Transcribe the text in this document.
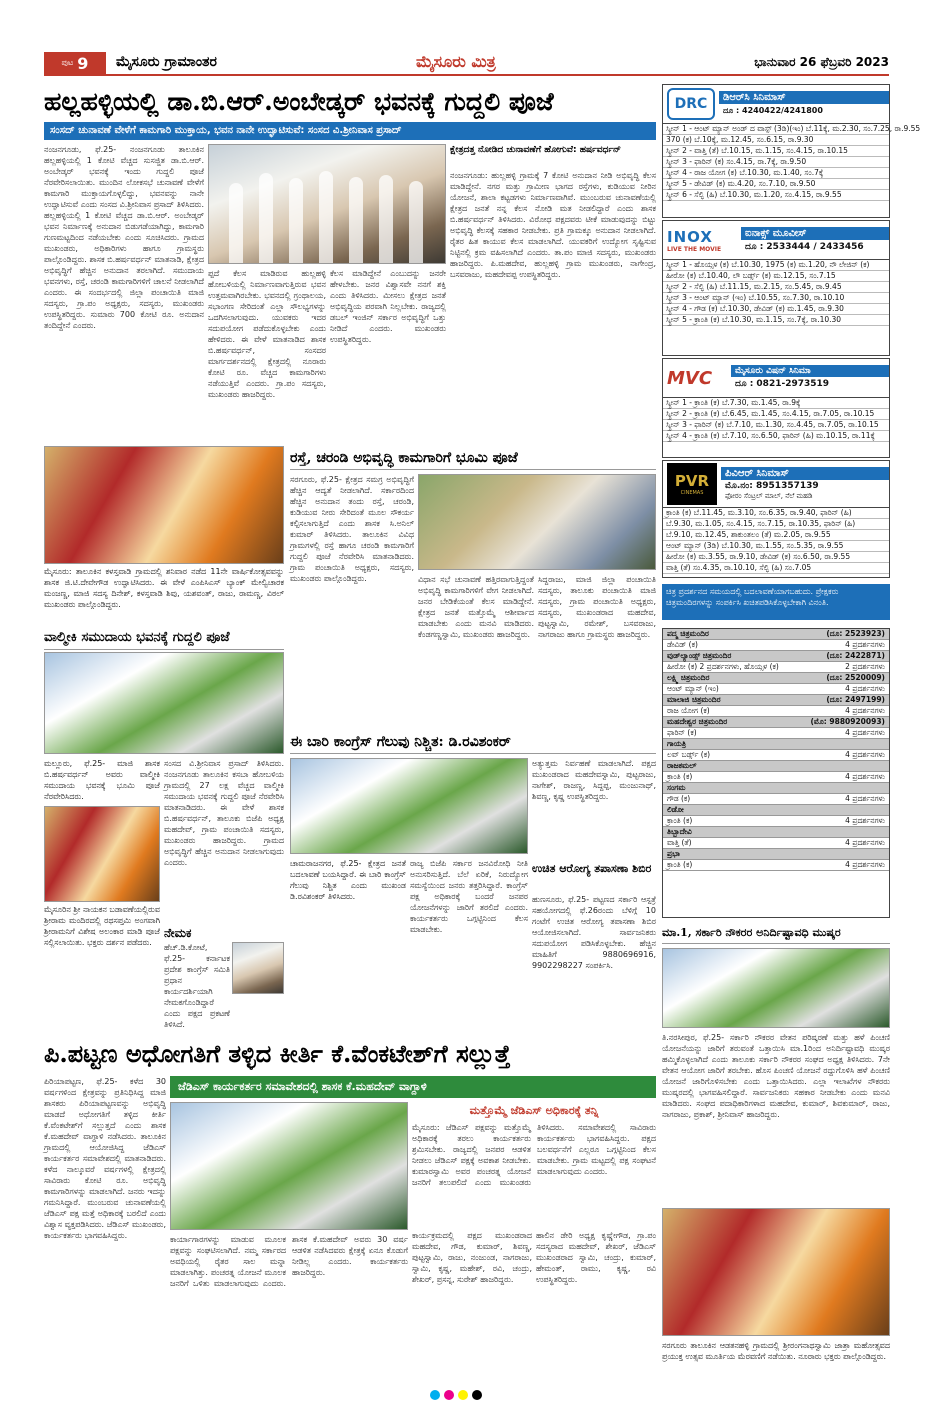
ಪುಟ 9 ಮೈಸೂರು ಗ್ರಾಮಾಂತರ	ಮೈಸೂರು ಮಿತ್ರ	ಭಾನುವಾರ 26 ಫೆಬ್ರವರಿ 2023
ಹಲ್ಲಹಳ್ಳಿಯಲ್ಲಿ ಡಾ.ಬಿ.ಆರ್.ಅಂಬೇಡ್ಕರ್ ಭವನಕ್ಕೆ ಗುದ್ದಲಿ ಪೂಜೆ
ಸಂಸದ್ ಚುನಾವಣೆ ವೇಳೆಗೆ ಕಾಮಗಾರಿ ಮುಕ್ತಾಯ, ಭವನ ನಾನೇ ಉದ್ಘಾಟಿಸುವೆ: ಸಂಸದ ವಿ.ಶ್ರೀನಿವಾಸ ಪ್ರಸಾದ್
ನಂಜನಗೂಡು, ಫೆ.25- ನಂಜನಗೂಡು ತಾಲೂಕಿನ ಹಲ್ಲಹಳ್ಳಿಯಲ್ಲಿ 1 ಕೋಟಿ ವೆಚ್ಚದ ಸುಸಜ್ಜಿತ ಡಾ.ಬಿ.ಆರ್. ಅಂಬೇಡ್ಕರ್ ಭವನಕ್ಕೆ ಇಂದು ಗುದ್ದಲಿ ಪೂಜೆ ನೆರವೇರಿಸಲಾಯಿತು. ಮುಂದಿನ ಲೋಕಸಭೆ ಚುನಾವಣೆ ವೇಳೆಗೆ ಕಾಮಗಾರಿ ಮುಕ್ತಾಯಗೊಳ್ಳಲಿದ್ದು, ಭವನವನ್ನು ನಾನೇ ಉದ್ಘಾಟಿಸುವೆ ಎಂದು ಸಂಸದ ವಿ.ಶ್ರೀನಿವಾಸ ಪ್ರಸಾದ್ ತಿಳಿಸಿದರು. ಹಲ್ಲಹಳ್ಳಿಯಲ್ಲಿ 1 ಕೋಟಿ ವೆಚ್ಚದ ಡಾ.ಬಿ.ಆರ್. ಅಂಬೇಡ್ಕರ್ ಭವನ ನಿರ್ಮಾಣಕ್ಕೆ ಅನುದಾನ ಬಿಡುಗಡೆಯಾಗಿದ್ದು, ಕಾಮಗಾರಿ ಗುಣಮಟ್ಟದಿಂದ ನಡೆಯಬೇಕು ಎಂದು ಸೂಚಿಸಿದರು. ಗ್ರಾಮದ ಮುಖಂಡರು, ಅಧಿಕಾರಿಗಳು ಹಾಗೂ ಗ್ರಾಮಸ್ಥರು ಪಾಲ್ಗೊಂಡಿದ್ದರು. ಶಾಸಕ ಬಿ.ಹರ್ಷವರ್ಧನ್ ಮಾತನಾಡಿ, ಕ್ಷೇತ್ರದ ಅಭಿವೃದ್ಧಿಗೆ ಹೆಚ್ಚಿನ ಅನುದಾನ ತರಲಾಗಿದೆ. ಸಮುದಾಯ ಭವನಗಳು, ರಸ್ತೆ, ಚರಂಡಿ ಕಾಮಗಾರಿಗಳಿಗೆ ಚಾಲನೆ ನೀಡಲಾಗಿದೆ ಎಂದರು. ಈ ಸಂದರ್ಭದಲ್ಲಿ ಜಿಲ್ಲಾ ಪಂಚಾಯಿತಿ ಮಾಜಿ ಸದಸ್ಯರು, ಗ್ರಾ.ಪಂ ಅಧ್ಯಕ್ಷರು, ಸದಸ್ಯರು, ಮುಖಂಡರು ಉಪಸ್ಥಿತರಿದ್ದರು. ಸುಮಾರು 700 ಕೋಟಿ ರೂ. ಅನುದಾನ ತಂದಿದ್ದೇನೆ ಎಂದರು.
ಪ್ಪದೆ ಕೆಲಸ ಮಾಡಿರುವ ಹುಲ್ಲಹಳ್ಳಿ ಹೋಬಳಿಯಲ್ಲಿ ನಿರ್ಮಾಣವಾಗುತ್ತಿರುವ ಭವನ ಉತ್ತಮವಾಗಿರಬೇಕು. ಭವನದಲ್ಲಿ ಗ್ರಂಥಾಲಯ, ಸಭಾಂಗಣ ಸೇರಿದಂತೆ ಎಲ್ಲಾ ಸೌಲಭ್ಯಗಳನ್ನು ಒದಗಿಸಲಾಗುವುದು. ಯುವಕರು ಇದರ ಸದುಪಯೋಗ ಪಡೆದುಕೊಳ್ಳಬೇಕು ಎಂದು ಹೇಳಿದರು. ಈ ವೇಳೆ ಮಾತನಾಡಿದ ಶಾಸಕ ಬಿ.ಹರ್ಷವರ್ಧನ್, ಸಂಸದರ ಮಾರ್ಗದರ್ಶನದಲ್ಲಿ ಕ್ಷೇತ್ರದಲ್ಲಿ ನೂರಾರು ಕೋಟಿ ರೂ. ವೆಚ್ಚದ ಕಾಮಗಾರಿಗಳು ನಡೆಯುತ್ತಿವೆ ಎಂದರು. ಗ್ರಾ.ಪಂ ಸದಸ್ಯರು, ಮುಖಂಡರು ಹಾಜರಿದ್ದರು.
ಕೆಲಸ ಮಾಡಿದ್ದೇನೆ ಎಂಬುದನ್ನು ಜನರೇ ಹೇಳಬೇಕು. ಜನರ ವಿಶ್ವಾಸವೇ ನನಗೆ ಶಕ್ತಿ ಎಂದು ತಿಳಿಸಿದರು. ಮೀಸಲು ಕ್ಷೇತ್ರದ ಜನತೆ ಅಭಿವೃದ್ಧಿಯ ಪರವಾಗಿ ನಿಲ್ಲಬೇಕು. ರಾಜ್ಯದಲ್ಲಿ ಡಬಲ್ ಇಂಜಿನ್ ಸರ್ಕಾರ ಅಭಿವೃದ್ಧಿಗೆ ಒತ್ತು ನೀಡಿದೆ ಎಂದರು. ಮುಖಂಡರು ಉಪಸ್ಥಿತರಿದ್ದರು.
ಕ್ಷೇತ್ರದತ್ತ ನೋಡಿದ ಚುನಾವಣೆಗೆ ಹೋಗುವೆ: ಹರ್ಷವರ್ಧನ್
ನಂಜನಗೂಡು: ಹುಲ್ಲಹಳ್ಳಿ ಗ್ರಾಮಕ್ಕೆ 7 ಕೋಟಿ ಅನುದಾನ ನೀಡಿ ಅಭಿವೃದ್ಧಿ ಕೆಲಸ ಮಾಡಿದ್ದೇನೆ. ನಗರ ಮತ್ತು ಗ್ರಾಮೀಣ ಭಾಗದ ರಸ್ತೆಗಳು, ಕುಡಿಯುವ ನೀರಿನ ಯೋಜನೆ, ಶಾಲಾ ಕಟ್ಟಡಗಳು ನಿರ್ಮಾಣವಾಗಿವೆ. ಮುಂಬರುವ ಚುನಾವಣೆಯಲ್ಲಿ ಕ್ಷೇತ್ರದ ಜನತೆ ನನ್ನ ಕೆಲಸ ನೋಡಿ ಮತ ನೀಡಲಿದ್ದಾರೆ ಎಂದು ಶಾಸಕ ಬಿ.ಹರ್ಷವರ್ಧನ್ ತಿಳಿಸಿದರು. ವಿರೋಧ ಪಕ್ಷದವರು ಟೀಕೆ ಮಾಡುವುದನ್ನು ಬಿಟ್ಟು ಅಭಿವೃದ್ಧಿ ಕೆಲಸಕ್ಕೆ ಸಹಕಾರ ನೀಡಬೇಕು. ಪ್ರತಿ ಗ್ರಾಮಕ್ಕೂ ಅನುದಾನ ನೀಡಲಾಗಿದೆ. ರೈತರ ಹಿತ ಕಾಯುವ ಕೆಲಸ ಮಾಡಲಾಗಿದೆ. ಯುವಕರಿಗೆ ಉದ್ಯೋಗ ಸೃಷ್ಟಿಸುವ ನಿಟ್ಟಿನಲ್ಲಿ ಕ್ರಮ ವಹಿಸಲಾಗಿದೆ ಎಂದರು. ತಾ.ಪಂ ಮಾಜಿ ಸದಸ್ಯರು, ಮುಖಂಡರು ಹಾಜರಿದ್ದರು. ಪಿ.ಮಹದೇವ, ಹುಲ್ಲಹಳ್ಳಿ ಗ್ರಾಮ ಮುಖಂಡರು, ನಾಗೇಂದ್ರ, ಬಸವರಾಜು, ಮಹದೇವಪ್ಪ ಉಪಸ್ಥಿತರಿದ್ದರು.
ಮೈಸೂರು: ತಾಲೂಕಿನ ಕಳಸ್ತವಾಡಿ ಗ್ರಾಮದಲ್ಲಿ ಶನಿವಾರ ನಡೆದ 11ನೇ ವಾರ್ಷಿಕೋತ್ಸವವನ್ನು ಶಾಸಕ ಜಿ.ಟಿ.ದೇವೇಗೌಡ ಉದ್ಘಾಟಿಸಿದರು. ಈ ವೇಳೆ ಎಂಪಿಸಿಎಸ್ ಬ್ಯಾಂಕ್ ಮೇಲ್ವಿಚಾರಕ ಮಂಜಣ್ಣ, ಮಾಜಿ ಸದಸ್ಯ ದಿನೇಶ್, ಕಳಸ್ತವಾಡಿ ಶಿವು, ಯಶವಂತ್, ರಾಜು, ರಾಮಣ್ಣ, ವಿಠಲ್ ಮುಖಂಡರು ಪಾಲ್ಗೊಂಡಿದ್ದರು.
ವಾಲ್ಮೀಕಿ ಸಮುದಾಯ ಭವನಕ್ಕೆ ಗುದ್ದಲಿ ಪೂಜೆ
ಮಲ್ಲೂರು, ಫೆ.25- ಮಾಜಿ ಶಾಸಕ ಬಿ.ಹರ್ಷವರ್ಧನ್ ಅವರು ವಾಲ್ಮೀಕಿ ಸಮುದಾಯ ಭವನಕ್ಕೆ ಭೂಮಿ ಪೂಜೆ ನೆರವೇರಿಸಿದರು.
ಸಂಸದ ವಿ.ಶ್ರೀನಿವಾಸ ಪ್ರಸಾದ್ ತಿಳಿಸಿದರು. ನಂಜನಗೂಡು ತಾಲೂಕಿನ ಕಸಬಾ ಹೋಬಳಿಯ ಗ್ರಾಮದಲ್ಲಿ 27 ಲಕ್ಷ ವೆಚ್ಚದ ವಾಲ್ಮೀಕಿ ಸಮುದಾಯ ಭವನಕ್ಕೆ ಗುದ್ದಲಿ ಪೂಜೆ ನೆರವೇರಿಸಿ ಮಾತನಾಡಿದರು. ಈ ವೇಳೆ ಶಾಸಕ ಬಿ.ಹರ್ಷವರ್ಧನ್, ತಾಲೂಕು ಬಿಜೆಪಿ ಅಧ್ಯಕ್ಷ ಮಹದೇವ್, ಗ್ರಾಮ ಪಂಚಾಯಿತಿ ಸದಸ್ಯರು, ಮುಖಂಡರು ಹಾಜರಿದ್ದರು. ಗ್ರಾಮದ ಅಭಿವೃದ್ಧಿಗೆ ಹೆಚ್ಚಿನ ಅನುದಾನ ನೀಡಲಾಗುವುದು ಎಂದರು.
ಮೈಸೂರಿನ ಶ್ರೀ ನಾಯಕನ ಬಡಾವಣೆಯಲ್ಲಿರುವ ಶ್ರೀರಾಮ ಮಂದಿರದಲ್ಲಿ ರಥಸಪ್ತಮಿ ಅಂಗವಾಗಿ ಶ್ರೀರಾಮನಿಗೆ ವಿಶೇಷ ಅಲಂಕಾರ ಮಾಡಿ ಪೂಜೆ ಸಲ್ಲಿಸಲಾಯಿತು. ಭಕ್ತರು ದರ್ಶನ ಪಡೆದರು.
ನೇಮಕ
ಹೆಚ್.ಡಿ.ಕೋಟೆ, ಫೆ.25- ಕರ್ನಾಟಕ ಪ್ರದೇಶ ಕಾಂಗ್ರೆಸ್ ಸಮಿತಿ ಪ್ರಧಾನ ಕಾರ್ಯದರ್ಶಿಯಾಗಿ ನೇಮಕಗೊಂಡಿದ್ದಾರೆ ಎಂದು ಪಕ್ಷದ ಪ್ರಕಟಣೆ ತಿಳಿಸಿದೆ.
ರಸ್ತೆ, ಚರಂಡಿ ಅಭಿವೃದ್ಧಿ ಕಾಮಗಾರಿಗೆ ಭೂಮಿ ಪೂಜೆ
ಸರಗೂರು, ಫೆ.25- ಕ್ಷೇತ್ರದ ಸಮಗ್ರ ಅಭಿವೃದ್ಧಿಗೆ ಹೆಚ್ಚಿನ ಆದ್ಯತೆ ನೀಡಲಾಗಿದೆ. ಸರ್ಕಾರದಿಂದ ಹೆಚ್ಚಿನ ಅನುದಾನ ತಂದು ರಸ್ತೆ, ಚರಂಡಿ, ಕುಡಿಯುವ ನೀರು ಸೇರಿದಂತೆ ಮೂಲ ಸೌಕರ್ಯ ಕಲ್ಪಿಸಲಾಗುತ್ತಿದೆ ಎಂದು ಶಾಸಕ ಸಿ.ಅನಿಲ್ ಕುಮಾರ್ ತಿಳಿಸಿದರು. ತಾಲೂಕಿನ ವಿವಿಧ ಗ್ರಾಮಗಳಲ್ಲಿ ರಸ್ತೆ ಹಾಗೂ ಚರಂಡಿ ಕಾಮಗಾರಿಗೆ ಗುದ್ದಲಿ ಪೂಜೆ ನೆರವೇರಿಸಿ ಮಾತನಾಡಿದರು. ಗ್ರಾಮ ಪಂಚಾಯಿತಿ ಅಧ್ಯಕ್ಷರು, ಸದಸ್ಯರು, ಮುಖಂಡರು ಪಾಲ್ಗೊಂಡಿದ್ದರು.	ವಿಧಾನ ಸಭೆ ಚುನಾವಣೆ ಹತ್ತಿರವಾಗುತ್ತಿದ್ದಂತೆ ಅಭಿವೃದ್ಧಿ ಕಾಮಗಾರಿಗಳಿಗೆ ವೇಗ ನೀಡಲಾಗಿದೆ. ಜನರ ಬೇಡಿಕೆಯಂತೆ ಕೆಲಸ ಮಾಡಿದ್ದೇನೆ. ಕ್ಷೇತ್ರದ ಜನತೆ ಮತ್ತೊಮ್ಮೆ ಆಶೀರ್ವಾದ ಮಾಡಬೇಕು ಎಂದು ಮನವಿ ಮಾಡಿದರು. ಕೆಂಡಗಣ್ಣಸ್ವಾಮಿ, ಮುಖಂಡರು ಹಾಜರಿದ್ದರು.
ಸಿದ್ದರಾಜು, ಮಾಜಿ ಜಿಲ್ಲಾ ಪಂಚಾಯಿತಿ ಸದಸ್ಯರು, ತಾಲೂಕು ಪಂಚಾಯಿತಿ ಮಾಜಿ ಸದಸ್ಯರು, ಗ್ರಾಮ ಪಂಚಾಯಿತಿ ಅಧ್ಯಕ್ಷರು, ಸದಸ್ಯರು, ಮುಖಂಡರಾದ ಮಹದೇವ, ಪುಟ್ಟಸ್ವಾಮಿ, ರಮೇಶ್, ಬಸವರಾಜು, ನಾಗರಾಜು ಹಾಗೂ ಗ್ರಾಮಸ್ಥರು ಹಾಜರಿದ್ದರು.
ಈ ಬಾರಿ ಕಾಂಗ್ರೆಸ್ ಗೆಲುವು ನಿಶ್ಚಿತ: ಡಿ.ರವಿಶಂಕರ್
ಅತ್ಯುತ್ತಮ ನಿರ್ವಹಣೆ ಮಾಡಲಾಗಿದೆ. ಪಕ್ಷದ ಮುಖಂಡರಾದ ಮಹದೇವಸ್ವಾಮಿ, ಪುಟ್ಟರಾಜು, ನಾಗೇಶ್, ರಾಜಣ್ಣ, ಸಿದ್ದಪ್ಪ, ಮಂಜುನಾಥ್, ಶಿವಣ್ಣ, ಕೃಷ್ಣ ಉಪಸ್ಥಿತರಿದ್ದರು.
ಚಾಮರಾಜನಗರ, ಫೆ.25- ಕ್ಷೇತ್ರದ ಜನತೆ ಬದಲಾವಣೆ ಬಯಸಿದ್ದಾರೆ. ಈ ಬಾರಿ ಕಾಂಗ್ರೆಸ್ ಗೆಲುವು ನಿಶ್ಚಿತ ಎಂದು ಮುಖಂಡ ಡಿ.ರವಿಶಂಕರ್ ತಿಳಿಸಿದರು.
ರಾಜ್ಯ ಬಿಜೆಪಿ ಸರ್ಕಾರ ಜನವಿರೋಧಿ ನೀತಿ ಅನುಸರಿಸುತ್ತಿದೆ. ಬೆಲೆ ಏರಿಕೆ, ನಿರುದ್ಯೋಗ ಸಮಸ್ಯೆಯಿಂದ ಜನರು ತತ್ತರಿಸಿದ್ದಾರೆ. ಕಾಂಗ್ರೆಸ್ ಪಕ್ಷ ಅಧಿಕಾರಕ್ಕೆ ಬಂದರೆ ಜನಪರ ಯೋಜನೆಗಳನ್ನು ಜಾರಿಗೆ ತರಲಿದೆ ಎಂದರು. ಕಾರ್ಯಕರ್ತರು ಒಗ್ಗಟ್ಟಿನಿಂದ ಕೆಲಸ ಮಾಡಬೇಕು.
ಉಚಿತ ಆರೋಗ್ಯ ತಪಾಸಣಾ ಶಿಬಿರ
ಹುಣಸೂರು, ಫೆ.25- ಪಟ್ಟಣದ ಸರ್ಕಾರಿ ಆಸ್ಪತ್ರೆ ಸಹಯೋಗದಲ್ಲಿ ಫೆ.26ರಂದು ಬೆಳಿಗ್ಗೆ 10 ಗಂಟೆಗೆ ಉಚಿತ ಆರೋಗ್ಯ ತಪಾಸಣಾ ಶಿಬಿರ ಆಯೋಜಿಸಲಾಗಿದೆ. ಸಾರ್ವಜನಿಕರು ಸದುಪಯೋಗ ಪಡಿಸಿಕೊಳ್ಳಬೇಕು. ಹೆಚ್ಚಿನ ಮಾಹಿತಿಗೆ 9880696916, 9902298227 ಸಂಪರ್ಕಿಸಿ.
DRC	ಡಿಆರ್‌ಸಿ ಸಿನಿಮಾಸ್
ದೂ : 4240422/4241800
ಸ್ಕ್ರೀನ್ 1 - ಆಂಟ್ ಮ್ಯಾನ್ ಅಂಡ್ ದ ವಾಸ್ಪ್ (3ಡಿ)(ಇಂ) ಬೆ.11ಕ್ಕೆ, ಮ.2.30, ಸಂ.7.25, ರಾ.9.55
370 (ಕ) ಬೆ.10ಕ್ಕೆ, ಮ.12.45, ಸಂ.6.15, ರಾ.9.30
ಸ್ಕ್ರೀನ್ 2 - ವಾತ್ತಿ (ತೆ) ಬೆ.10.15, ಮ.1.15, ಸಂ.4.15, ರಾ.10.15
ಸ್ಕ್ರೀನ್ 3 - ಫಾರಿನ್ (ಕ) ಸಂ.4.15, ರಾ.7ಕ್ಕೆ, ರಾ.9.50
ಸ್ಕ್ರೀನ್ 4 - ರಾಜ ಯೋಗ (ಕ) ಬೆ.10.30, ಮ.1.40, ಸಂ.7ಕ್ಕೆ
ಸ್ಕ್ರೀನ್ 5 - ಡೇವಿಡ್ (ಕ) ಮ.4.20, ಸಂ.7.10, ರಾ.9.50
ಸ್ಕ್ರೀನ್ 6 - ಸೆಲ್ಫಿ (ಹಿ) ಬೆ.10.30, ಮ.1.20, ಸಂ.4.15, ರಾ.9.55
INOX
LIVE THE MOVIE
ಐನಾಕ್ಸ್ ಮೂವೀಸ್
ದೂ : 2533444 / 2433456
ಸ್ಕ್ರೀನ್ 1 - ಹೊಯ್ಸಳ (ಕ) ಬೆ.10.30, 1975 (ಕ) ಮ.1.20, ನೌ ಲೇಜಿನ್ (ಕ)
ಹೀರೋ (ಕ) ಬೆ.10.40, ಲೌ ಬರ್ಡ್ಸ್ (ಕ) ಮ.12.15, ಸಂ.7.15
ಸ್ಕ್ರೀನ್ 2 - ಸೆಲ್ಫಿ (ಹಿ) ಬೆ.11.15, ಮ.2.15, ಸಂ.5.45, ರಾ.9.45
ಸ್ಕ್ರೀನ್ 3 - ಆಂಟ್ ಮ್ಯಾನ್ (ಇಂ) ಬೆ.10.55, ಸಂ.7.30, ರಾ.10.10
ಸ್ಕ್ರೀನ್ 4 - ಗೌಡ (ಕ) ಬೆ.10.30, ಡೇವಿಡ್ (ಕ) ಮ.1.45, ರಾ.9.30
ಸ್ಕ್ರೀನ್ 5 - ಕ್ರಾಂತಿ (ಕ) ಬೆ.10.30, ಮ.1.15, ಸಂ.7ಕ್ಕೆ, ರಾ.10.30
MVC	ಮೈಸೂರು ವಿಷನ್ ಸಿನಿಮಾ
ದೂ : 0821-2973519
ಸ್ಕ್ರೀನ್ 1 - ಕ್ರಾಂತಿ (ಕ) ಬೆ.7.30, ಮ.1.45, ರಾ.9ಕ್ಕೆ
ಸ್ಕ್ರೀನ್ 2 - ಕ್ರಾಂತಿ (ಕ) ಬೆ.6.45, ಮ.1.45, ಸಂ.4.15, ರಾ.7.05, ರಾ.10.15
ಸ್ಕ್ರೀನ್ 3 - ಫಾರಿನ್ (ಕ) ಬೆ.7.10, ಮ.1.30, ಸಂ.4.45, ರಾ.7.05, ರಾ.10.15
ಸ್ಕ್ರೀನ್ 4 - ಕ್ರಾಂತಿ (ಕ) ಬೆ.7.10, ಸಂ.6.50, ಫಾರಿನ್ (ಹಿ) ಮ.10.15, ರಾ.11ಕ್ಕೆ
PVR
CINEMAS
ಪಿವಿಆರ್ ಸಿನಿಮಾಸ್
ಮೊ.ನಂ: 8951357139
ಫೋರಂ ಸೆಂಟ್ರಲ್ ಮಾಲ್, ನೆಲೆ ಮಹಡಿ
ಕ್ರಾಂತಿ (ಕ) ಬೆ.11.45, ಮ.3.10, ಸಂ.6.35, ರಾ.9.40, ಫಾರಿನ್ (ಹಿ)
ಬೆ.9.30, ಮ.1.05, ಸಂ.4.15, ಸಂ.7.15, ರಾ.10.35, ಫಾರಿನ್ (ಹಿ)
ಬೆ.9.10, ಮ.12.45, ಶಾಕುಂತಲಂ (ತೆ) ಮ.2.05, ರಾ.9.55
ಆಂಟ್ ಮ್ಯಾನ್ (3ಡಿ) ಬೆ.10.30, ಮ.1.55, ಸಂ.5.35, ರಾ.9.55
ಹೀರೋ (ಕ) ಮ.3.55, ರಾ.9.10, ಡೇವಿಡ್ (ಕ) ಸಂ.6.50, ರಾ.9.55
ವಾತ್ತಿ (ತೆ) ಸಂ.4.35, ರಾ.10.10, ಸೆಲ್ಫಿ (ಹಿ) ಸಂ.7.05
ಚಿತ್ರ ಪ್ರದರ್ಶನದ ಸಮಯದಲ್ಲಿ ಬದಲಾವಣೆಯಾಗಬಹುದು. ಪ್ರೇಕ್ಷಕರು ಚಿತ್ರಮಂದಿರಗಳನ್ನು ಸಂಪರ್ಕಿಸಿ ಖಚಿತಪಡಿಸಿಕೊಳ್ಳಬೇಕಾಗಿ ವಿನಂತಿ.
ಪದ್ಮ ಚಿತ್ರಮಂದಿರ	(ದೂ: 2523923)
ಡೇವಿಡ್ (ಕ)	4 ಪ್ರದರ್ಶನಗಳು
ವುಡ್‌ಲ್ಯಾಂಡ್ಸ್ ಚಿತ್ರಮಂದಿರ	(ದೂ: 2422871)
ಹೀರೋ (ಕ) 2 ಪ್ರದರ್ಶನಗಳು, ಹೊಯ್ಸಳ (ಕ)	2 ಪ್ರದರ್ಶನಗಳು
ಲಕ್ಷ್ಮಿ ಚಿತ್ರಮಂದಿರ	(ದೂ: 2520009)
ಆಂಟ್ ಮ್ಯಾನ್ (ಇಂ)	4 ಪ್ರದರ್ಶನಗಳು
ಮಾಲಾಜಿ ಚಿತ್ರಮಂದಿರ	(ದೂ: 2497199)
ರಾಜ ಯೋಗ (ಕ)	4 ಪ್ರದರ್ಶನಗಳು
ಮಹದೇಶ್ವರ ಚಿತ್ರಮಂದಿರ	(ಮೊ: 9880920093)
ಫಾರಿನ್ (ಕ)	4 ಪ್ರದರ್ಶನಗಳು
ಗಾಯತ್ರಿ
ಲವ್ ಬರ್ಡ್ಸ್ (ಕ)	4 ಪ್ರದರ್ಶನಗಳು
ರಾಜಕಮಲ್
ಕ್ರಾಂತಿ (ಕ)	4 ಪ್ರದರ್ಶನಗಳು
ಸಂಗಮ
ಗೌಡ (ಕ)	4 ಪ್ರದರ್ಶನಗಳು
ಲಿಡೋ
ಕ್ರಾಂತಿ (ಕ)	4 ಪ್ರದರ್ಶನಗಳು
ತಿಬ್ಬಾದೇವಿ
ವಾತ್ತಿ (ತೆ)	4 ಪ್ರದರ್ಶನಗಳು
ಪ್ರಭಾ
ಕ್ರಾಂತಿ (ಕ)	4 ಪ್ರದರ್ಶನಗಳು
ಮಾ.1, ಸರ್ಕಾರಿ ನೌಕರರ ಅನಿರ್ದಿಷ್ಟಾವಧಿ ಮುಷ್ಕರ
ಪಿ.ಪಟ್ಟಣ ಅಧೋಗತಿಗೆ ತಳ್ಳಿದ ಕೀರ್ತಿ ಕೆ.ವೆಂಕಟೇಶ್‌ಗೆ ಸಲ್ಲುತ್ತೆ
ಜೆಡಿಎಸ್ ಕಾರ್ಯಕರ್ತರ ಸಮಾವೇಶದಲ್ಲಿ ಶಾಸಕ ಕೆ.ಮಹದೇವ್ ವಾಗ್ದಾಳಿ
ಪಿರಿಯಾಪಟ್ಟಣ, ಫೆ.25- ಕಳೆದ 30 ವರ್ಷಗಳಿಂದ ಕ್ಷೇತ್ರವನ್ನು ಪ್ರತಿನಿಧಿಸಿದ್ದ ಮಾಜಿ ಶಾಸಕರು ಪಿರಿಯಾಪಟ್ಟಣವನ್ನು ಅಭಿವೃದ್ಧಿ ಮಾಡದೆ ಅಧೋಗತಿಗೆ ತಳ್ಳಿದ ಕೀರ್ತಿ ಕೆ.ವೆಂಕಟೇಶ್‌ಗೆ ಸಲ್ಲುತ್ತದೆ ಎಂದು ಶಾಸಕ ಕೆ.ಮಹದೇವ್ ವಾಗ್ದಾಳಿ ನಡೆಸಿದರು. ತಾಲೂಕಿನ ಗ್ರಾಮದಲ್ಲಿ ಆಯೋಜಿಸಿದ್ದ ಜೆಡಿಎಸ್ ಕಾರ್ಯಕರ್ತರ ಸಮಾವೇಶದಲ್ಲಿ ಮಾತನಾಡಿದರು. ಕಳೆದ ನಾಲ್ಕೂವರೆ ವರ್ಷಗಳಲ್ಲಿ ಕ್ಷೇತ್ರದಲ್ಲಿ ಸಾವಿರಾರು ಕೋಟಿ ರೂ. ಅಭಿವೃದ್ಧಿ ಕಾಮಗಾರಿಗಳನ್ನು ಮಾಡಲಾಗಿದೆ. ಜನರು ಇದನ್ನು ಗಮನಿಸಿದ್ದಾರೆ. ಮುಂಬರುವ ಚುನಾವಣೆಯಲ್ಲಿ ಜೆಡಿಎಸ್ ಪಕ್ಷ ಮತ್ತೆ ಅಧಿಕಾರಕ್ಕೆ ಬರಲಿದೆ ಎಂದು ವಿಶ್ವಾಸ ವ್ಯಕ್ತಪಡಿಸಿದರು. ಜೆಡಿಎಸ್ ಮುಖಂಡರು, ಕಾರ್ಯಕರ್ತರು ಭಾಗವಹಿಸಿದ್ದರು.	ಕಾರ್ಯಾಗಾರಗಳನ್ನು ಮಾಡುವ ಮೂಲಕ ಪಕ್ಷವನ್ನು ಸಂಘಟಿಸಲಾಗಿದೆ. ನಮ್ಮ ಸರ್ಕಾರದ ಅವಧಿಯಲ್ಲಿ ರೈತರ ಸಾಲ ಮನ್ನಾ ಮಾಡಲಾಗಿತ್ತು. ಪಂಚರತ್ನ ಯೋಜನೆ ಮೂಲಕ ಜನರಿಗೆ ಒಳಿತು ಮಾಡಲಾಗುವುದು ಎಂದರು. ಶಾಸಕ ಕೆ.ಮಹದೇವ್ ಅವರು 30 ವರ್ಷ ಆಡಳಿತ ನಡೆಸಿದವರು ಕ್ಷೇತ್ರಕ್ಕೆ ಏನೂ ಕೊಡುಗೆ ನೀಡಿಲ್ಲ ಎಂದರು. ಕಾರ್ಯಕರ್ತರು ಹಾಜರಿದ್ದರು.
ಮತ್ತೊಮ್ಮೆ ಜೆಡಿಎಸ್ ಅಧಿಕಾರಕ್ಕೆ ತನ್ನಿ
ಮೈಸೂರು: ಜೆಡಿಎಸ್ ಪಕ್ಷವನ್ನು ಮತ್ತೊಮ್ಮೆ ಅಧಿಕಾರಕ್ಕೆ ತರಲು ಕಾರ್ಯಕರ್ತರು ಶ್ರಮಿಸಬೇಕು. ರಾಜ್ಯದಲ್ಲಿ ಜನಪರ ಆಡಳಿತ ನೀಡಲು ಜೆಡಿಎಸ್ ಪಕ್ಷಕ್ಕೆ ಅವಕಾಶ ನೀಡಬೇಕು. ಕುಮಾರಸ್ವಾಮಿ ಅವರ ಪಂಚರತ್ನ ಯೋಜನೆ ಜನರಿಗೆ ತಲುಪಲಿದೆ ಎಂದು ಮುಖಂಡರು ತಿಳಿಸಿದರು. ಸಮಾವೇಶದಲ್ಲಿ ಸಾವಿರಾರು ಕಾರ್ಯಕರ್ತರು ಭಾಗವಹಿಸಿದ್ದರು. ಪಕ್ಷದ ಬಲವರ್ಧನೆಗೆ ಎಲ್ಲರೂ ಒಗ್ಗಟ್ಟಿನಿಂದ ಕೆಲಸ ಮಾಡಬೇಕು. ಗ್ರಾಮ ಮಟ್ಟದಲ್ಲಿ ಪಕ್ಷ ಸಂಘಟನೆ ಮಾಡಲಾಗುವುದು ಎಂದರು.
ಕಾರ್ಯಕ್ರಮದಲ್ಲಿ ಪಕ್ಷದ ಮುಖಂಡರಾದ ಮಹದೇವ, ಗೌಡ, ಕುಮಾರ್, ಶಿವಣ್ಣ, ಪುಟ್ಟಸ್ವಾಮಿ, ರಾಜು, ನಂಜುಂಡ, ನಾಗರಾಜು, ಸ್ವಾಮಿ, ಕೃಷ್ಣ, ಮಹೇಶ್, ರವಿ, ಚಂದ್ರು, ಶೇಖರ್, ಪ್ರಸನ್ನ, ಸುರೇಶ್ ಹಾಜರಿದ್ದರು.
ಹಾಲಿನ ಡೇರಿ ಅಧ್ಯಕ್ಷ ಕೃಷ್ಣೇಗೌಡ, ಗ್ರಾ.ಪಂ ಸದಸ್ಯರಾದ ಮಹದೇವ್, ಶೇಖರ್, ಜೆಡಿಎಸ್ ಮುಖಂಡರಾದ ಸ್ವಾಮಿ, ಚಂದ್ರು, ಕುಮಾರ್, ಹೇಮಂತ್, ರಾಮು, ಕೃಷ್ಣ, ರವಿ ಉಪಸ್ಥಿತರಿದ್ದರು.
ತಿ.ನರಸೀಪುರ, ಫೆ.25- ಸರ್ಕಾರಿ ನೌಕರರ ವೇತನ ಪರಿಷ್ಕರಣೆ ಮತ್ತು ಹಳೆ ಪಿಂಚಣಿ ಯೋಜನೆಯನ್ನು ಜಾರಿಗೆ ತರುವಂತೆ ಒತ್ತಾಯಿಸಿ ಮಾ.1ರಿಂದ ಅನಿರ್ದಿಷ್ಟಾವಧಿ ಮುಷ್ಕರ ಹಮ್ಮಿಕೊಳ್ಳಲಾಗಿದೆ ಎಂದು ತಾಲೂಕು ಸರ್ಕಾರಿ ನೌಕರರ ಸಂಘದ ಅಧ್ಯಕ್ಷ ತಿಳಿಸಿದರು. 7ನೇ ವೇತನ ಆಯೋಗ ಜಾರಿಗೆ ತರಬೇಕು. ಹೊಸ ಪಿಂಚಣಿ ಯೋಜನೆ ರದ್ದುಗೊಳಿಸಿ ಹಳೆ ಪಿಂಚಣಿ ಯೋಜನೆ ಜಾರಿಗೊಳಿಸಬೇಕು ಎಂದು ಒತ್ತಾಯಿಸಿದರು. ಎಲ್ಲಾ ಇಲಾಖೆಗಳ ನೌಕರರು ಮುಷ್ಕರದಲ್ಲಿ ಭಾಗವಹಿಸಲಿದ್ದಾರೆ. ಸಾರ್ವಜನಿಕರು ಸಹಕಾರ ನೀಡಬೇಕು ಎಂದು ಮನವಿ ಮಾಡಿದರು. ಸಂಘದ ಪದಾಧಿಕಾರಿಗಳಾದ ಮಹದೇವ, ಕುಮಾರ್, ಶಿವಕುಮಾರ್, ರಾಜು, ನಾಗರಾಜು, ಪ್ರಕಾಶ್, ಶ್ರೀನಿವಾಸ್ ಹಾಜರಿದ್ದರು.
ಸರಗೂರು ತಾಲೂಕಿನ ಆಡತನಹಳ್ಳಿ ಗ್ರಾಮದಲ್ಲಿ ಶ್ರೀರಂಗನಾಥಸ್ವಾಮಿ ಜಾತ್ರಾ ಮಹೋತ್ಸವದ ಪ್ರಯುಕ್ತ ಉತ್ಸವ ಮೂರ್ತಿಯ ಮೆರವಣಿಗೆ ನಡೆಯಿತು. ನೂರಾರು ಭಕ್ತರು ಪಾಲ್ಗೊಂಡಿದ್ದರು.
